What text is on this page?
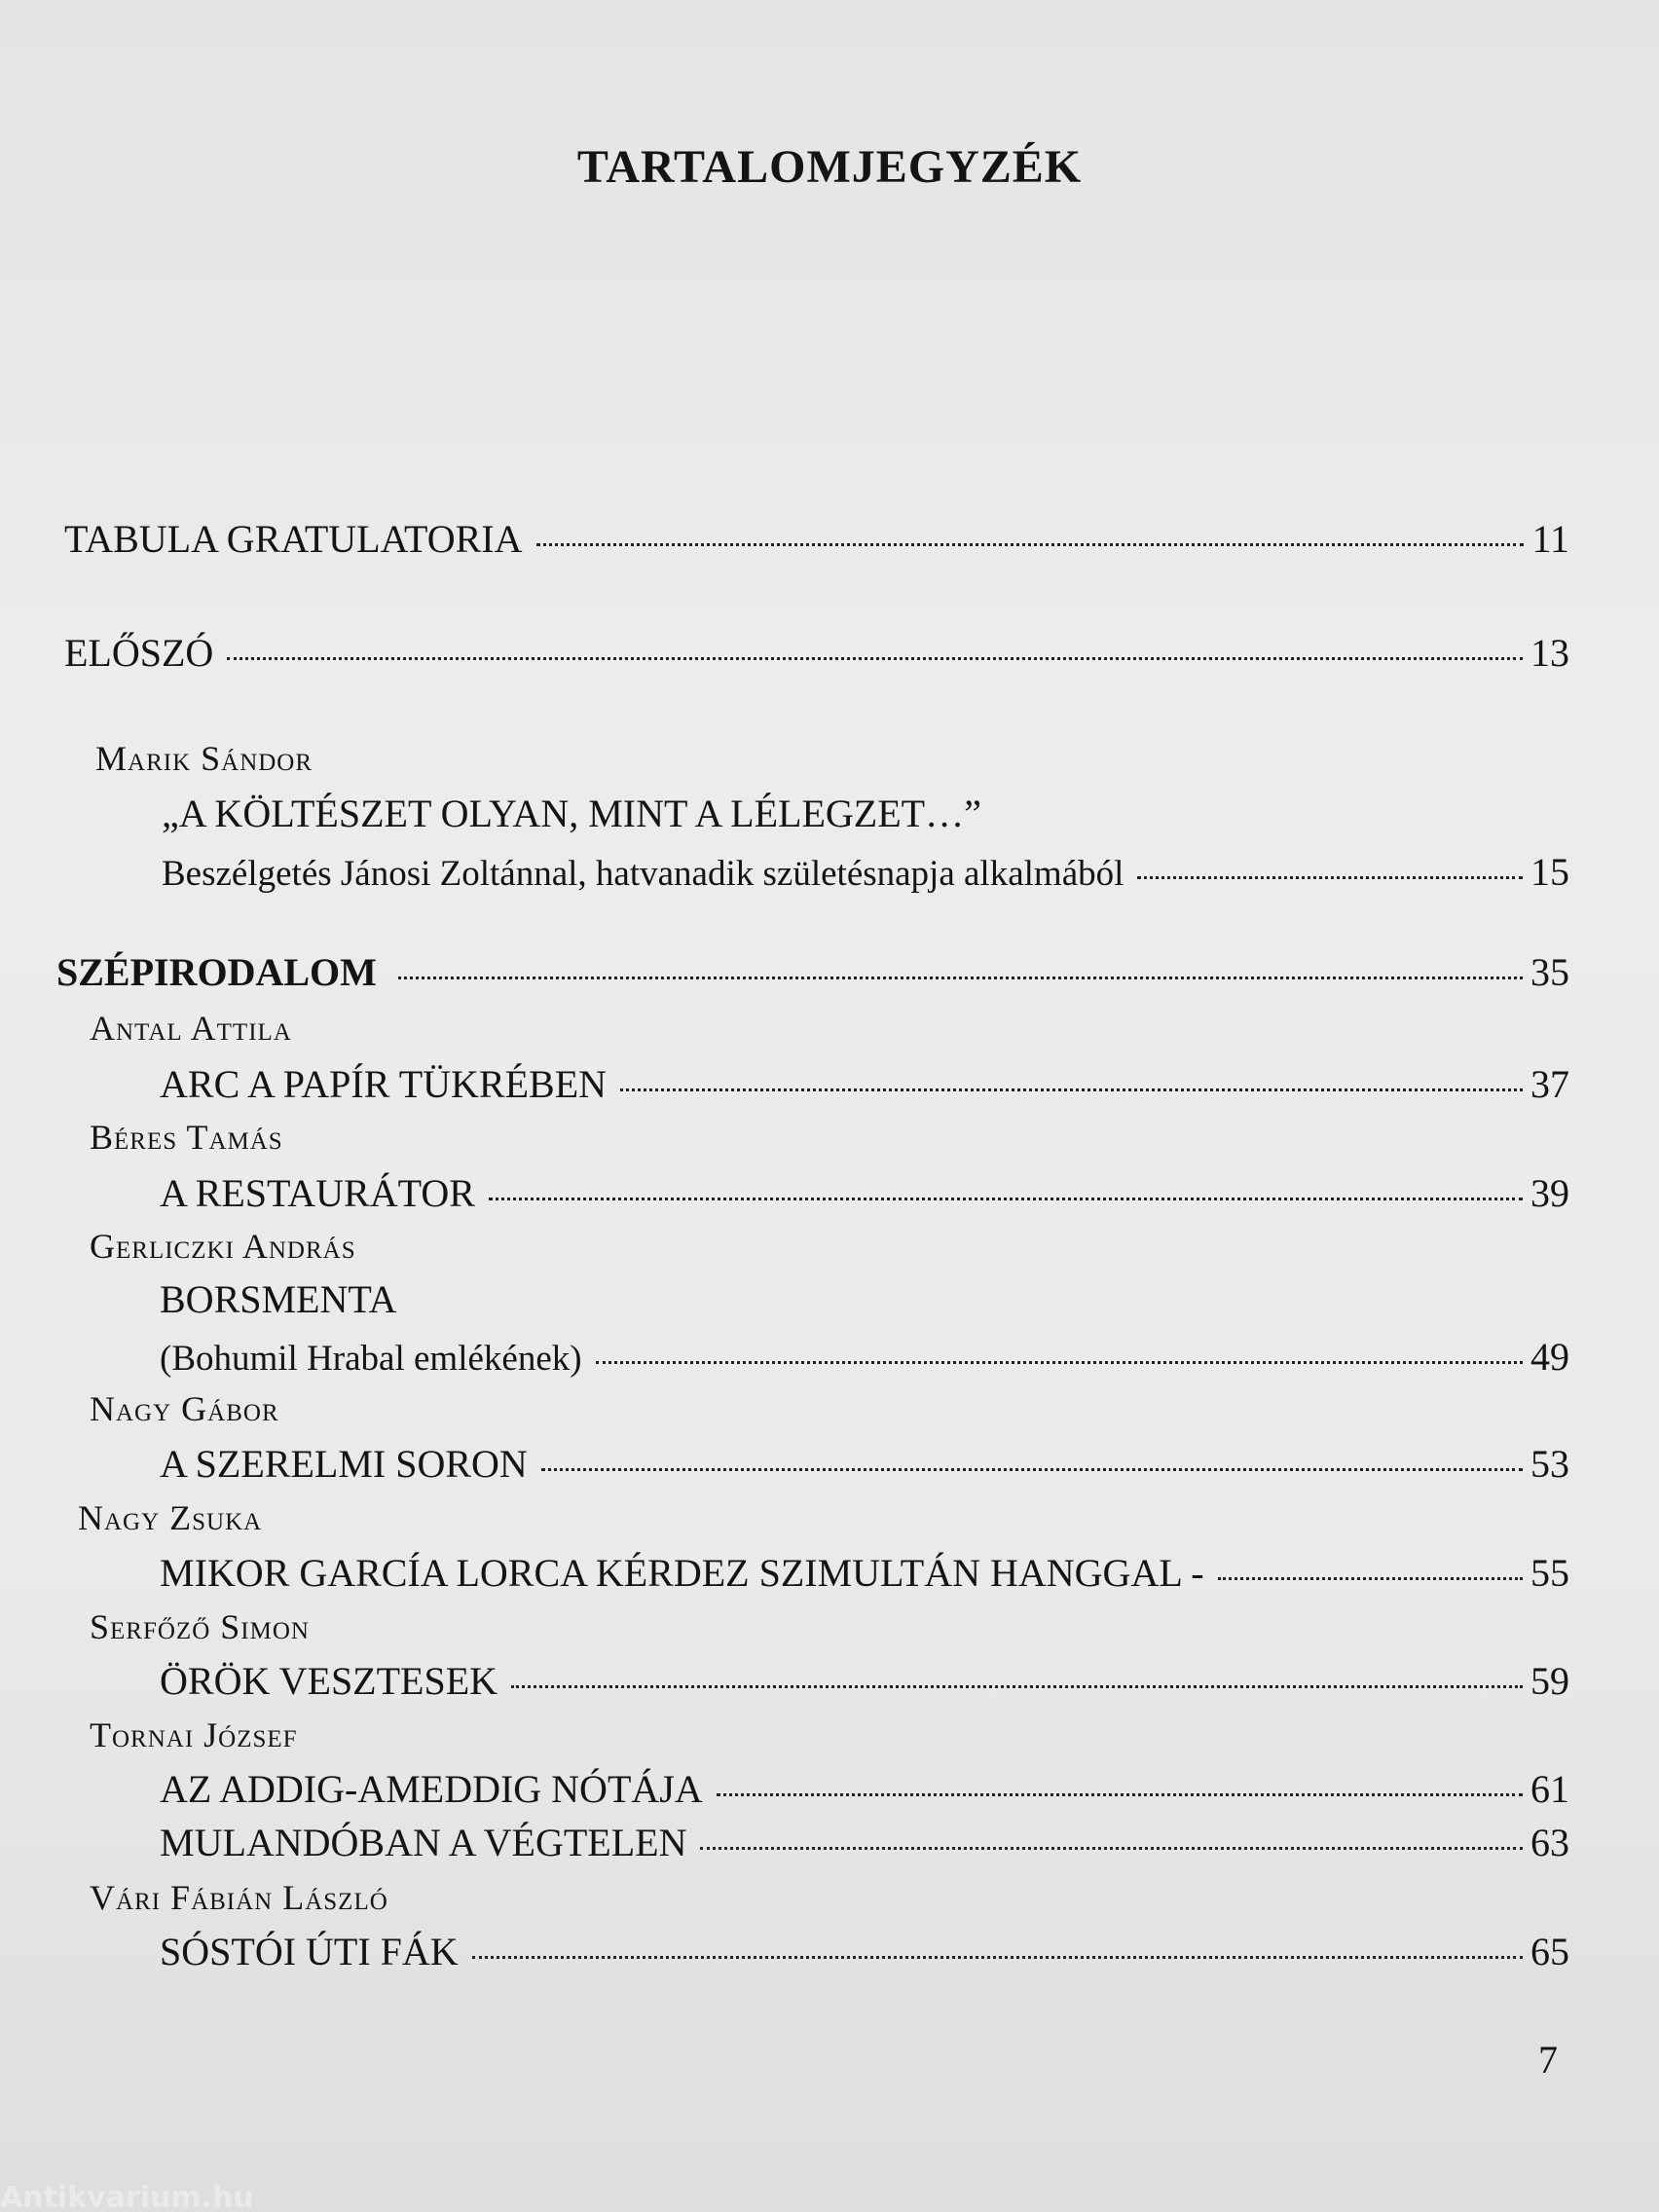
TARTALOMJEGYZÉK
TABULA GRATULATORIA	11
ELŐSZÓ	13
Marik Sándor
„A KÖLTÉSZET OLYAN, MINT A LÉLEGZET…”
Beszélgetés Jánosi Zoltánnal, hatvanadik születésnapja alkalmából	15
SZÉPIRODALOM	35
Antal Attila
ARC A PAPÍR TÜKRÉBEN	37
Béres Tamás
A RESTAURÁTOR	39
Gerliczki András
BORSMENTA
(Bohumil Hrabal emlékének)	49
Nagy Gábor
A SZERELMI SORON	53
Nagy Zsuka
MIKOR GARCÍA LORCA KÉRDEZ SZIMULTÁN HANGGAL -	55
Serfőző Simon
ÖRÖK VESZTESEK	59
Tornai József
AZ ADDIG-AMEDDIG NÓTÁJA	61
MULANDÓBAN A VÉGTELEN	63
Vári Fábián László
SÓSTÓI ÚTI FÁK	65
7
Antikvarium.hu
